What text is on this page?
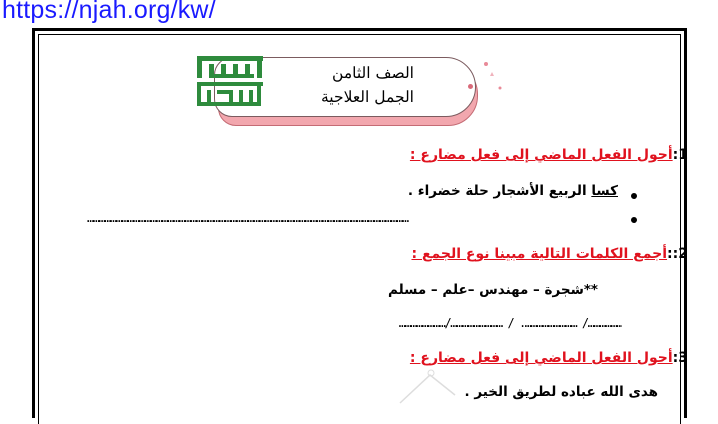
https://njah.org/kw/
الصف الثامن
الجمل العلاجية
1:أحول الفعل الماضي إلى فعل مضارع :
كسا الربيع الأشجار حلة خضراء .
……………………………………………………………………………………………………………………………………………………
2::أجمع الكلمات التالية مبينا نوع الجمع :
**شجرة – مهندس –علم – مسلم
………………/ ………………………. / ………………………/……………………
3:أحول الفعل الماضي إلى فعل مضارع :
هدى الله عباده لطريق الخير .
